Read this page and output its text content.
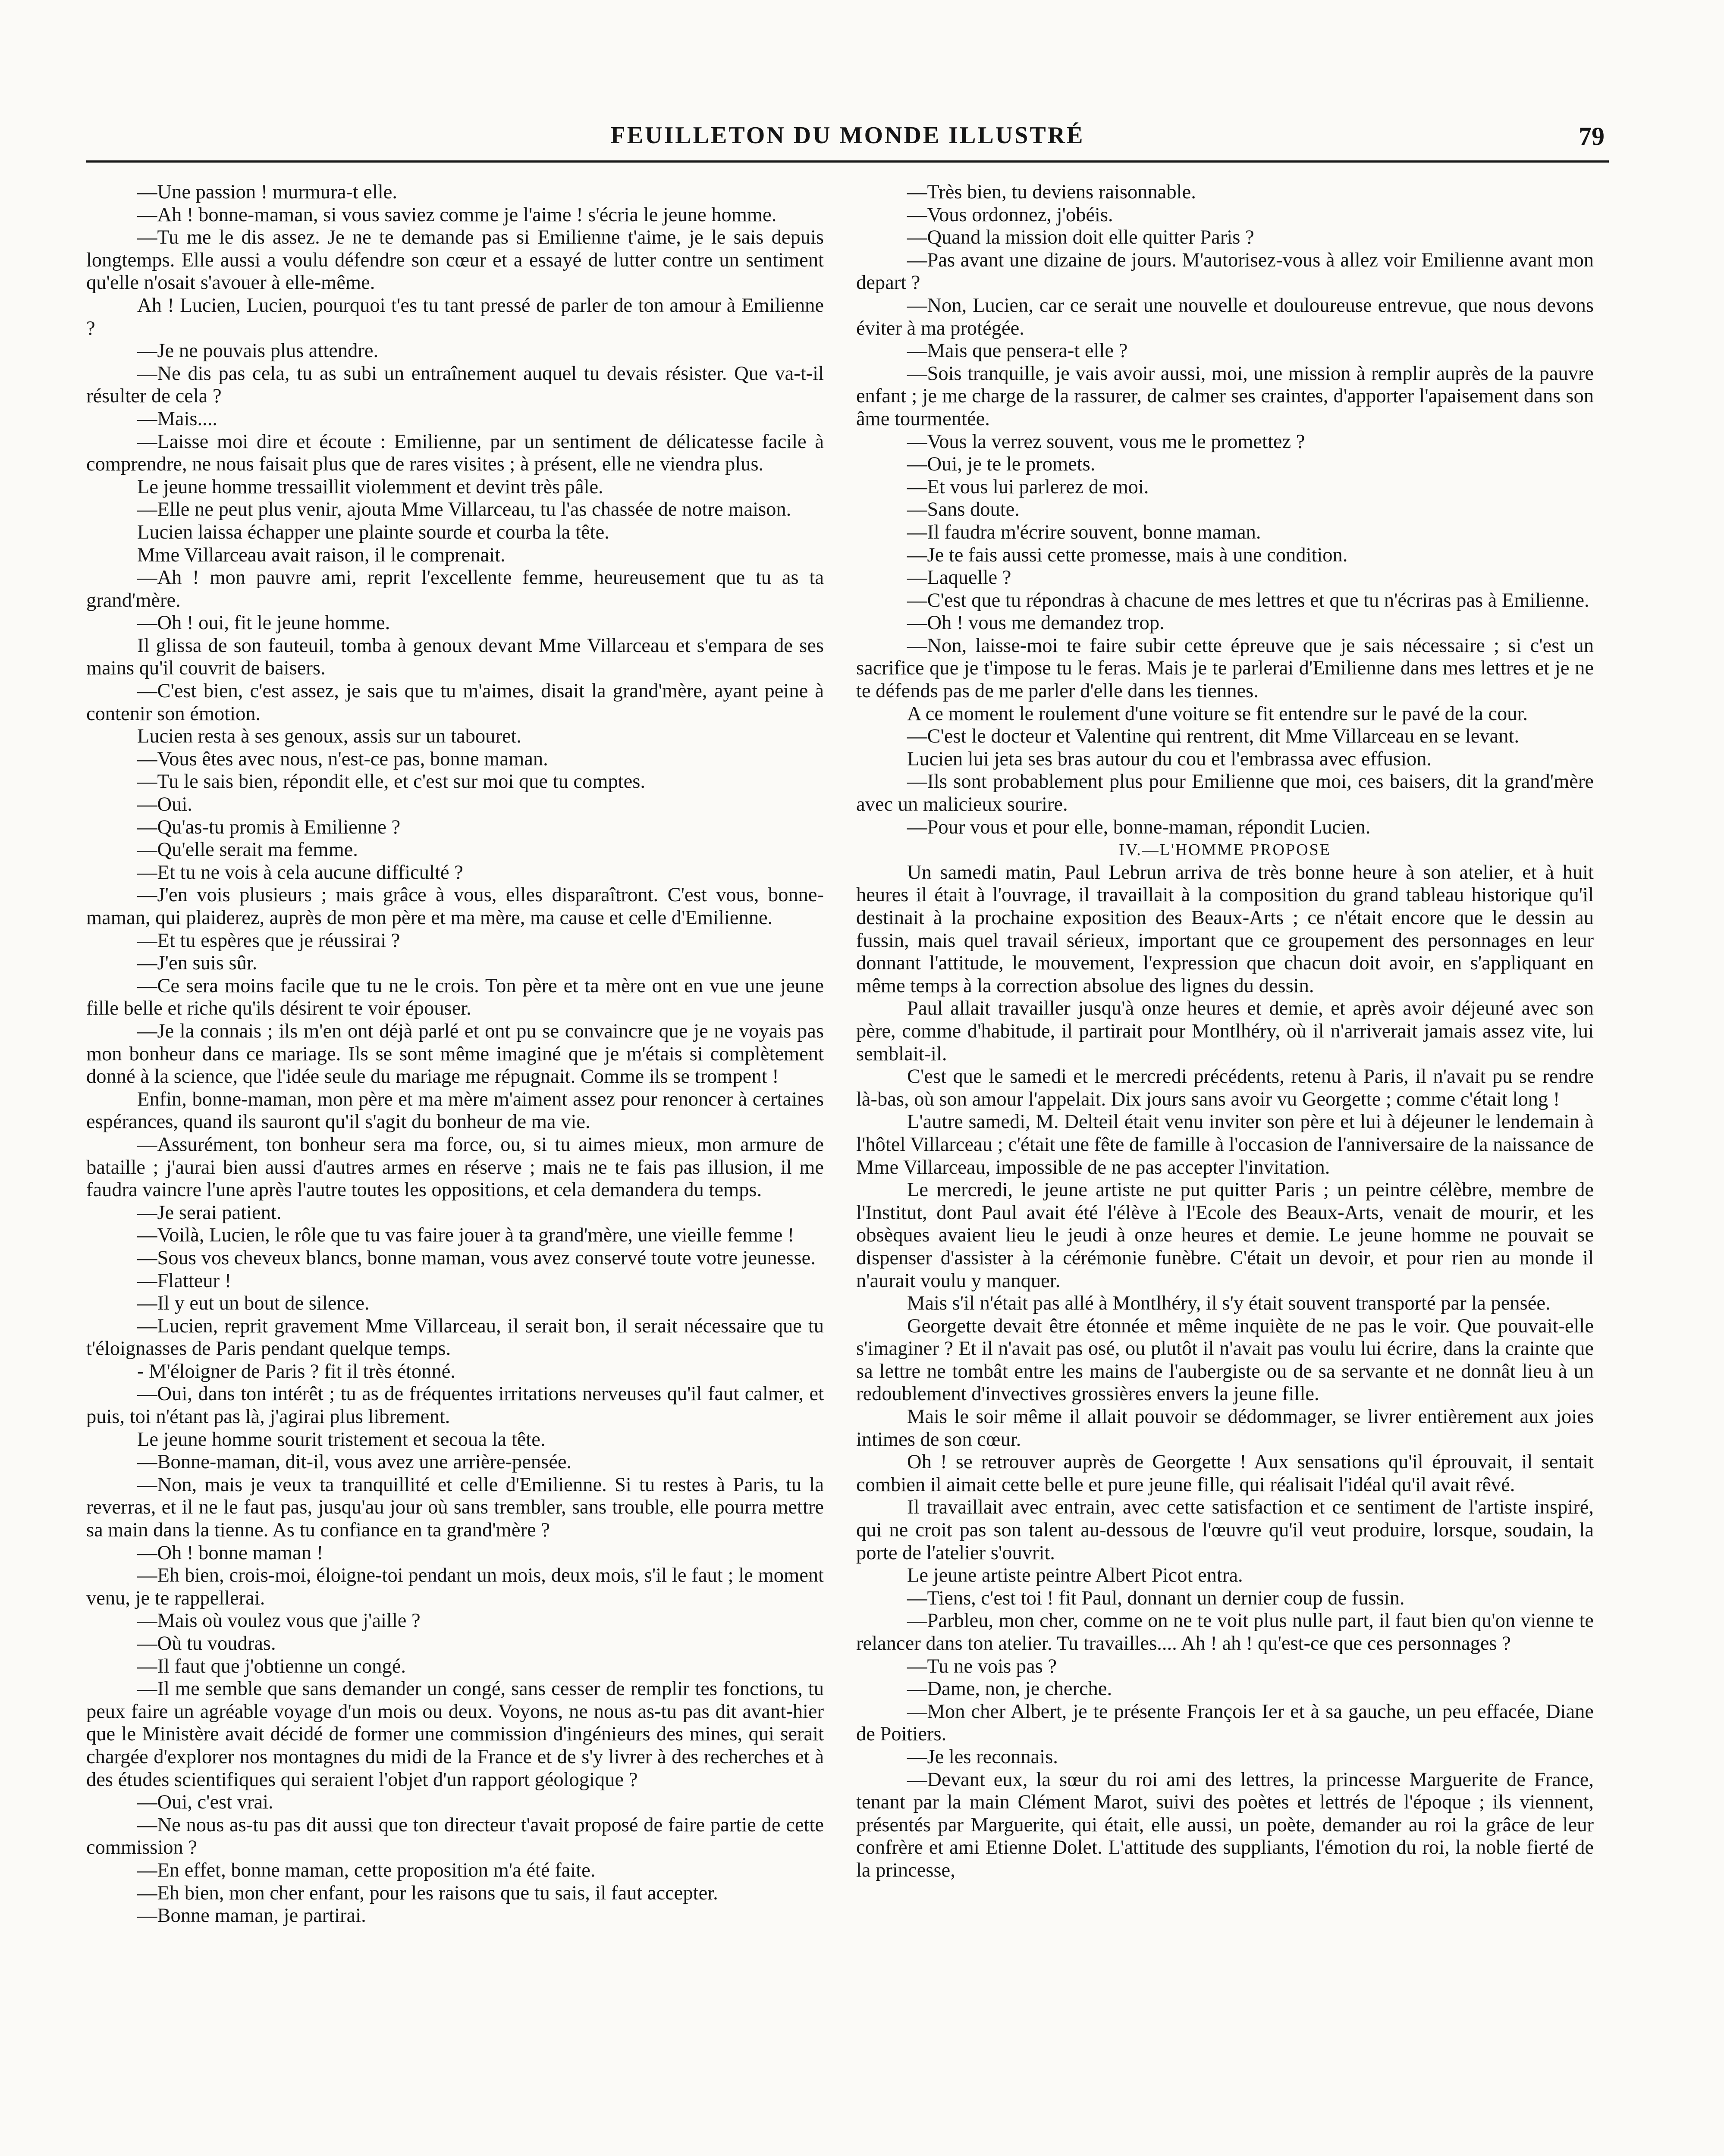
FEUILLETON DU MONDE ILLUSTRÉ	79

—Une passion ! murmura-t elle.

—Ah ! bonne-maman, si vous saviez comme je l'aime ! s'écria le jeune homme.

—Tu me le dis assez. Je ne te demande pas si Emilienne t'aime, je le sais depuis longtemps. Elle aussi a voulu défendre son cœur et a essayé de lutter contre un sentiment qu'elle n'osait s'avouer à elle-même.

Ah ! Lucien, Lucien, pourquoi t'es tu tant pressé de parler de ton amour à Emilienne ?

—Je ne pouvais plus attendre.

—Ne dis pas cela, tu as subi un entraînement auquel tu devais résister. Que va-t-il résulter de cela ?

—Mais....

—Laisse moi dire et écoute : Emilienne, par un sentiment de délicatesse facile à comprendre, ne nous faisait plus que de rares visites ; à présent, elle ne viendra plus.

Le jeune homme tressaillit violemment et devint très pâle.

—Elle ne peut plus venir, ajouta Mme Villarceau, tu l'as chassée de notre maison.

Lucien laissa échapper une plainte sourde et courba la tête.

Mme Villarceau avait raison, il le comprenait.

—Ah ! mon pauvre ami, reprit l'excellente femme, heureusement que tu as ta grand'mère.

—Oh ! oui, fit le jeune homme.

Il glissa de son fauteuil, tomba à genoux devant Mme Villarceau et s'empara de ses mains qu'il couvrit de baisers.

—C'est bien, c'est assez, je sais que tu m'aimes, disait la grand'mère, ayant peine à contenir son émotion.

Lucien resta à ses genoux, assis sur un tabouret.

—Vous êtes avec nous, n'est-ce pas, bonne maman.

—Tu le sais bien, répondit elle, et c'est sur moi que tu comptes.

—Oui.

—Qu'as-tu promis à Emilienne ?

—Qu'elle serait ma femme.

—Et tu ne vois à cela aucune difficulté ?

—J'en vois plusieurs ; mais grâce à vous, elles disparaîtront. C'est vous, bonne-maman, qui plaiderez, auprès de mon père et ma mère, ma cause et celle d'Emilienne.

—Et tu espères que je réussirai ?

—J'en suis sûr.

—Ce sera moins facile que tu ne le crois. Ton père et ta mère ont en vue une jeune fille belle et riche qu'ils désirent te voir épouser.

—Je la connais ; ils m'en ont déjà parlé et ont pu se convaincre que je ne voyais pas mon bonheur dans ce mariage. Ils se sont même imaginé que je m'étais si complètement donné à la science, que l'idée seule du mariage me répugnait. Comme ils se trompent !

Enfin, bonne-maman, mon père et ma mère m'aiment assez pour renoncer à certaines espérances, quand ils sauront qu'il s'agit du bonheur de ma vie.

—Assurément, ton bonheur sera ma force, ou, si tu aimes mieux, mon armure de bataille ; j'aurai bien aussi d'autres armes en réserve ; mais ne te fais pas illusion, il me faudra vaincre l'une après l'autre toutes les oppositions, et cela demandera du temps.

—Je serai patient.

—Voilà, Lucien, le rôle que tu vas faire jouer à ta grand'mère, une vieille femme !

—Sous vos cheveux blancs, bonne maman, vous avez conservé toute votre jeunesse.

—Flatteur !

—Il y eut un bout de silence.

—Lucien, reprit gravement Mme Villarceau, il serait bon, il serait nécessaire que tu t'éloignasses de Paris pendant quelque temps.

- M'éloigner de Paris ? fit il très étonné.

—Oui, dans ton intérêt ; tu as de fréquentes irritations nerveuses qu'il faut calmer, et puis, toi n'étant pas là, j'agirai plus librement.

Le jeune homme sourit tristement et secoua la tête.

—Bonne-maman, dit-il, vous avez une arrière-pensée.

—Non, mais je veux ta tranquillité et celle d'Emilienne. Si tu restes à Paris, tu la reverras, et il ne le faut pas, jusqu'au jour où sans trembler, sans trouble, elle pourra mettre sa main dans la tienne. As tu confiance en ta grand'mère ?

—Oh ! bonne maman !

—Eh bien, crois-moi, éloigne-toi pendant un mois, deux mois, s'il le faut ; le moment venu, je te rappellerai.

—Mais où voulez vous que j'aille ?

—Où tu voudras.

—Il faut que j'obtienne un congé.

—Il me semble que sans demander un congé, sans cesser de remplir tes fonctions, tu peux faire un agréable voyage d'un mois ou deux. Voyons, ne nous as-tu pas dit avant-hier que le Ministère avait décidé de former une commission d'ingénieurs des mines, qui serait chargée d'explorer nos montagnes du midi de la France et de s'y livrer à des recherches et à des études scientifiques qui seraient l'objet d'un rapport géologique ?

—Oui, c'est vrai.

—Ne nous as-tu pas dit aussi que ton directeur t'avait proposé de faire partie de cette commission ?

—En effet, bonne maman, cette proposition m'a été faite.

—Eh bien, mon cher enfant, pour les raisons que tu sais, il faut accepter.

—Bonne maman, je partirai.

—Très bien, tu deviens raisonnable.

—Vous ordonnez, j'obéis.

—Quand la mission doit elle quitter Paris ?

—Pas avant une dizaine de jours. M'autorisez-vous à allez voir Emilienne avant mon depart ?

—Non, Lucien, car ce serait une nouvelle et douloureuse entrevue, que nous devons éviter à ma protégée.

—Mais que pensera-t elle ?

—Sois tranquille, je vais avoir aussi, moi, une mission à remplir auprès de la pauvre enfant ; je me charge de la rassurer, de calmer ses craintes, d'apporter l'apaisement dans son âme tourmentée.

—Vous la verrez souvent, vous me le promettez ?

—Oui, je te le promets.

—Et vous lui parlerez de moi.

—Sans doute.

—Il faudra m'écrire souvent, bonne maman.

—Je te fais aussi cette promesse, mais à une condition.

—Laquelle ?

—C'est que tu répondras à chacune de mes lettres et que tu n'écriras pas à Emilienne.

—Oh ! vous me demandez trop.

—Non, laisse-moi te faire subir cette épreuve que je sais nécessaire ; si c'est un sacrifice que je t'impose tu le feras. Mais je te parlerai d'Emilienne dans mes lettres et je ne te défends pas de me parler d'elle dans les tiennes.

A ce moment le roulement d'une voiture se fit entendre sur le pavé de la cour.

—C'est le docteur et Valentine qui rentrent, dit Mme Villarceau en se levant.

Lucien lui jeta ses bras autour du cou et l'embrassa avec effusion.

—Ils sont probablement plus pour Emilienne que moi, ces baisers, dit la grand'mère avec un malicieux sourire.

—Pour vous et pour elle, bonne-maman, répondit Lucien.

IV.—L'HOMME PROPOSE

Un samedi matin, Paul Lebrun arriva de très bonne heure à son atelier, et à huit heures il était à l'ouvrage, il travaillait à la composition du grand tableau historique qu'il destinait à la prochaine exposition des Beaux-Arts ; ce n'était encore que le dessin au fussin, mais quel travail sérieux, important que ce groupement des personnages en leur donnant l'attitude, le mouvement, l'expression que chacun doit avoir, en s'appliquant en même temps à la correction absolue des lignes du dessin.

Paul allait travailler jusqu'à onze heures et demie, et après avoir déjeuné avec son père, comme d'habitude, il partirait pour Montlhéry, où il n'arriverait jamais assez vite, lui semblait-il.

C'est que le samedi et le mercredi précédents, retenu à Paris, il n'avait pu se rendre là-bas, où son amour l'appelait. Dix jours sans avoir vu Georgette ; comme c'était long !

L'autre samedi, M. Delteil était venu inviter son père et lui à déjeuner le lendemain à l'hôtel Villarceau ; c'était une fête de famille à l'occasion de l'anniversaire de la naissance de Mme Villarceau, impossible de ne pas accepter l'invitation.

Le mercredi, le jeune artiste ne put quitter Paris ; un peintre célèbre, membre de l'Institut, dont Paul avait été l'élève à l'Ecole des Beaux-Arts, venait de mourir, et les obsèques avaient lieu le jeudi à onze heures et demie. Le jeune homme ne pouvait se dispenser d'assister à la cérémonie funèbre. C'était un devoir, et pour rien au monde il n'aurait voulu y manquer.

Mais s'il n'était pas allé à Montlhéry, il s'y était souvent transporté par la pensée.

Georgette devait être étonnée et même inquiète de ne pas le voir. Que pouvait-elle s'imaginer ? Et il n'avait pas osé, ou plutôt il n'avait pas voulu lui écrire, dans la crainte que sa lettre ne tombât entre les mains de l'aubergiste ou de sa servante et ne donnât lieu à un redoublement d'invectives grossières envers la jeune fille.

Mais le soir même il allait pouvoir se dédommager, se livrer entièrement aux joies intimes de son cœur.

Oh ! se retrouver auprès de Georgette ! Aux sensations qu'il éprouvait, il sentait combien il aimait cette belle et pure jeune fille, qui réalisait l'idéal qu'il avait rêvé.

Il travaillait avec entrain, avec cette satisfaction et ce sentiment de l'artiste inspiré, qui ne croit pas son talent au-dessous de l'œuvre qu'il veut produire, lorsque, soudain, la porte de l'atelier s'ouvrit.

Le jeune artiste peintre Albert Picot entra.

—Tiens, c'est toi ! fit Paul, donnant un dernier coup de fussin.

—Parbleu, mon cher, comme on ne te voit plus nulle part, il faut bien qu'on vienne te relancer dans ton atelier. Tu travailles.... Ah ! ah ! qu'est-ce que ces personnages ?

—Tu ne vois pas ?

—Dame, non, je cherche.

—Mon cher Albert, je te présente François Ier et à sa gauche, un peu effacée, Diane de Poitiers.

—Je les reconnais.

—Devant eux, la sœur du roi ami des lettres, la princesse Marguerite de France, tenant par la main Clément Marot, suivi des poètes et lettrés de l'époque ; ils viennent, présentés par Marguerite, qui était, elle aussi, un poète, demander au roi la grâce de leur confrère et ami Etienne Dolet. L'attitude des suppliants, l'émotion du roi, la noble fierté de la princesse,
